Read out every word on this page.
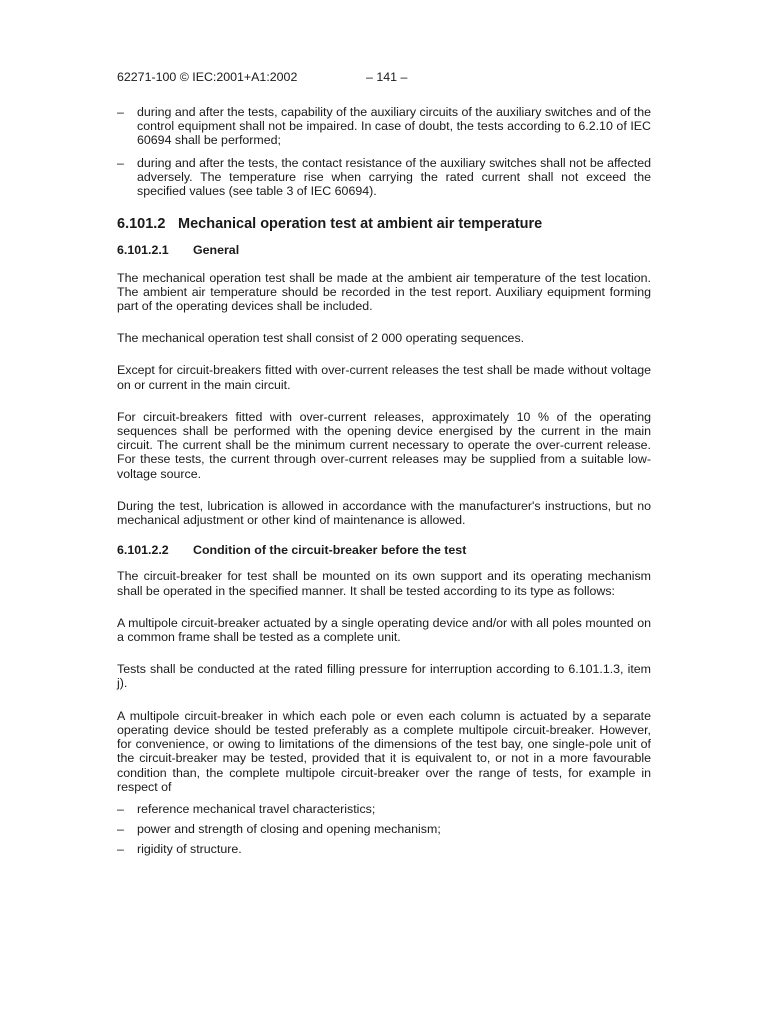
62271-100 © IEC:2001+A1:2002	– 141 –
– during and after the tests, capability of the auxiliary circuits of the auxiliary switches and of the control equipment shall not be impaired. In case of doubt, the tests according to 6.2.10 of IEC 60694 shall be performed;
– during and after the tests, the contact resistance of the auxiliary switches shall not be affected adversely. The temperature rise when carrying the rated current shall not exceed the specified values (see table 3 of IEC 60694).
6.101.2 Mechanical operation test at ambient air temperature
6.101.2.1 General

The mechanical operation test shall be made at the ambient air temperature of the test location. The ambient air temperature should be recorded in the test report. Auxiliary equipment forming part of the operating devices shall be included.

The mechanical operation test shall consist of 2 000 operating sequences.

Except for circuit-breakers fitted with over-current releases the test shall be made without voltage on or current in the main circuit.

For circuit-breakers fitted with over-current releases, approximately 10 % of the operating sequences shall be performed with the opening device energised by the current in the main circuit. The current shall be the minimum current necessary to operate the over-current release. For these tests, the current through over-current releases may be supplied from a suitable low-voltage source.

During the test, lubrication is allowed in accordance with the manufacturer's instructions, but no mechanical adjustment or other kind of maintenance is allowed.

6.101.2.2 Condition of the circuit-breaker before the test

The circuit-breaker for test shall be mounted on its own support and its operating mechanism shall be operated in the specified manner. It shall be tested according to its type as follows:

A multipole circuit-breaker actuated by a single operating device and/or with all poles mounted on a common frame shall be tested as a complete unit.

Tests shall be conducted at the rated filling pressure for interruption according to 6.101.1.3, item j).

A multipole circuit-breaker in which each pole or even each column is actuated by a separate operating device should be tested preferably as a complete multipole circuit-breaker. However, for convenience, or owing to limitations of the dimensions of the test bay, one single-pole unit of the circuit-breaker may be tested, provided that it is equivalent to, or not in a more favourable condition than, the complete multipole circuit-breaker over the range of tests, for example in respect of

– reference mechanical travel characteristics;
– power and strength of closing and opening mechanism;
– rigidity of structure.
